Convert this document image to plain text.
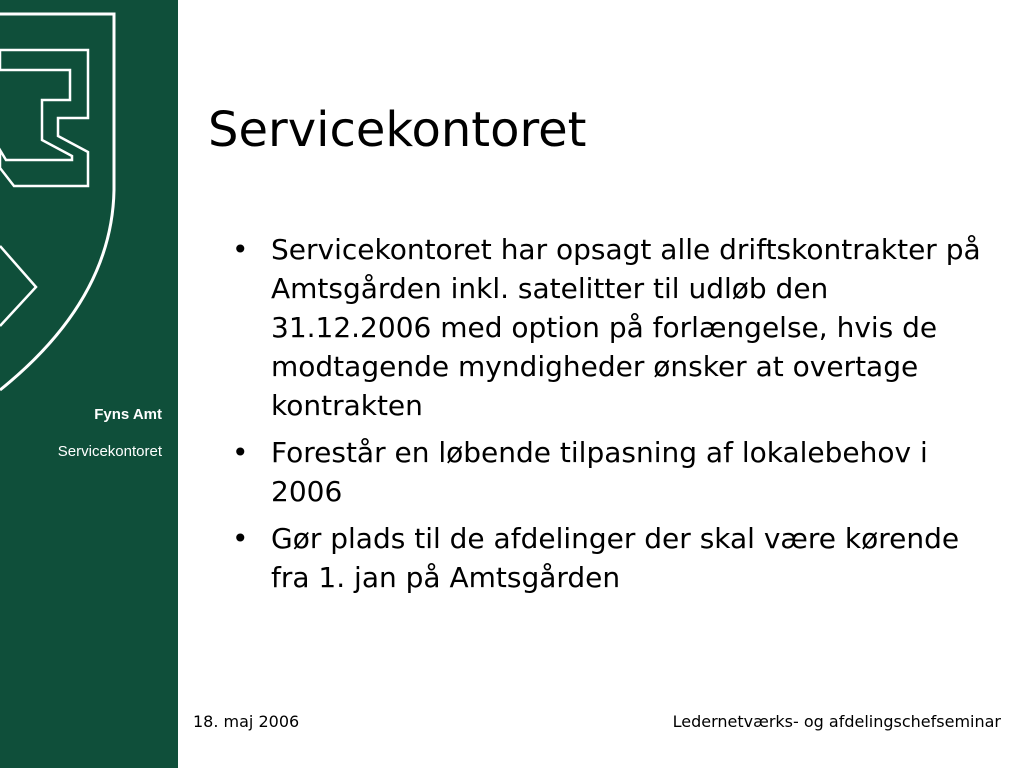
Fyns Amt
Servicekontoret
Servicekontoret
• Servicekontoret har opsagt alle driftskontrakter på Amtsgården inkl. satelitter til udløb den 31.12.2006 med option på forlængelse, hvis de modtagende myndigheder ønsker at overtage kontrakten
• Forestår en løbende tilpasning af lokalebehov i 2006
• Gør plads til de afdelinger der skal være kørende fra 1. jan på Amtsgården
18. maj 2006	Ledernetværks- og afdelingschefseminar
